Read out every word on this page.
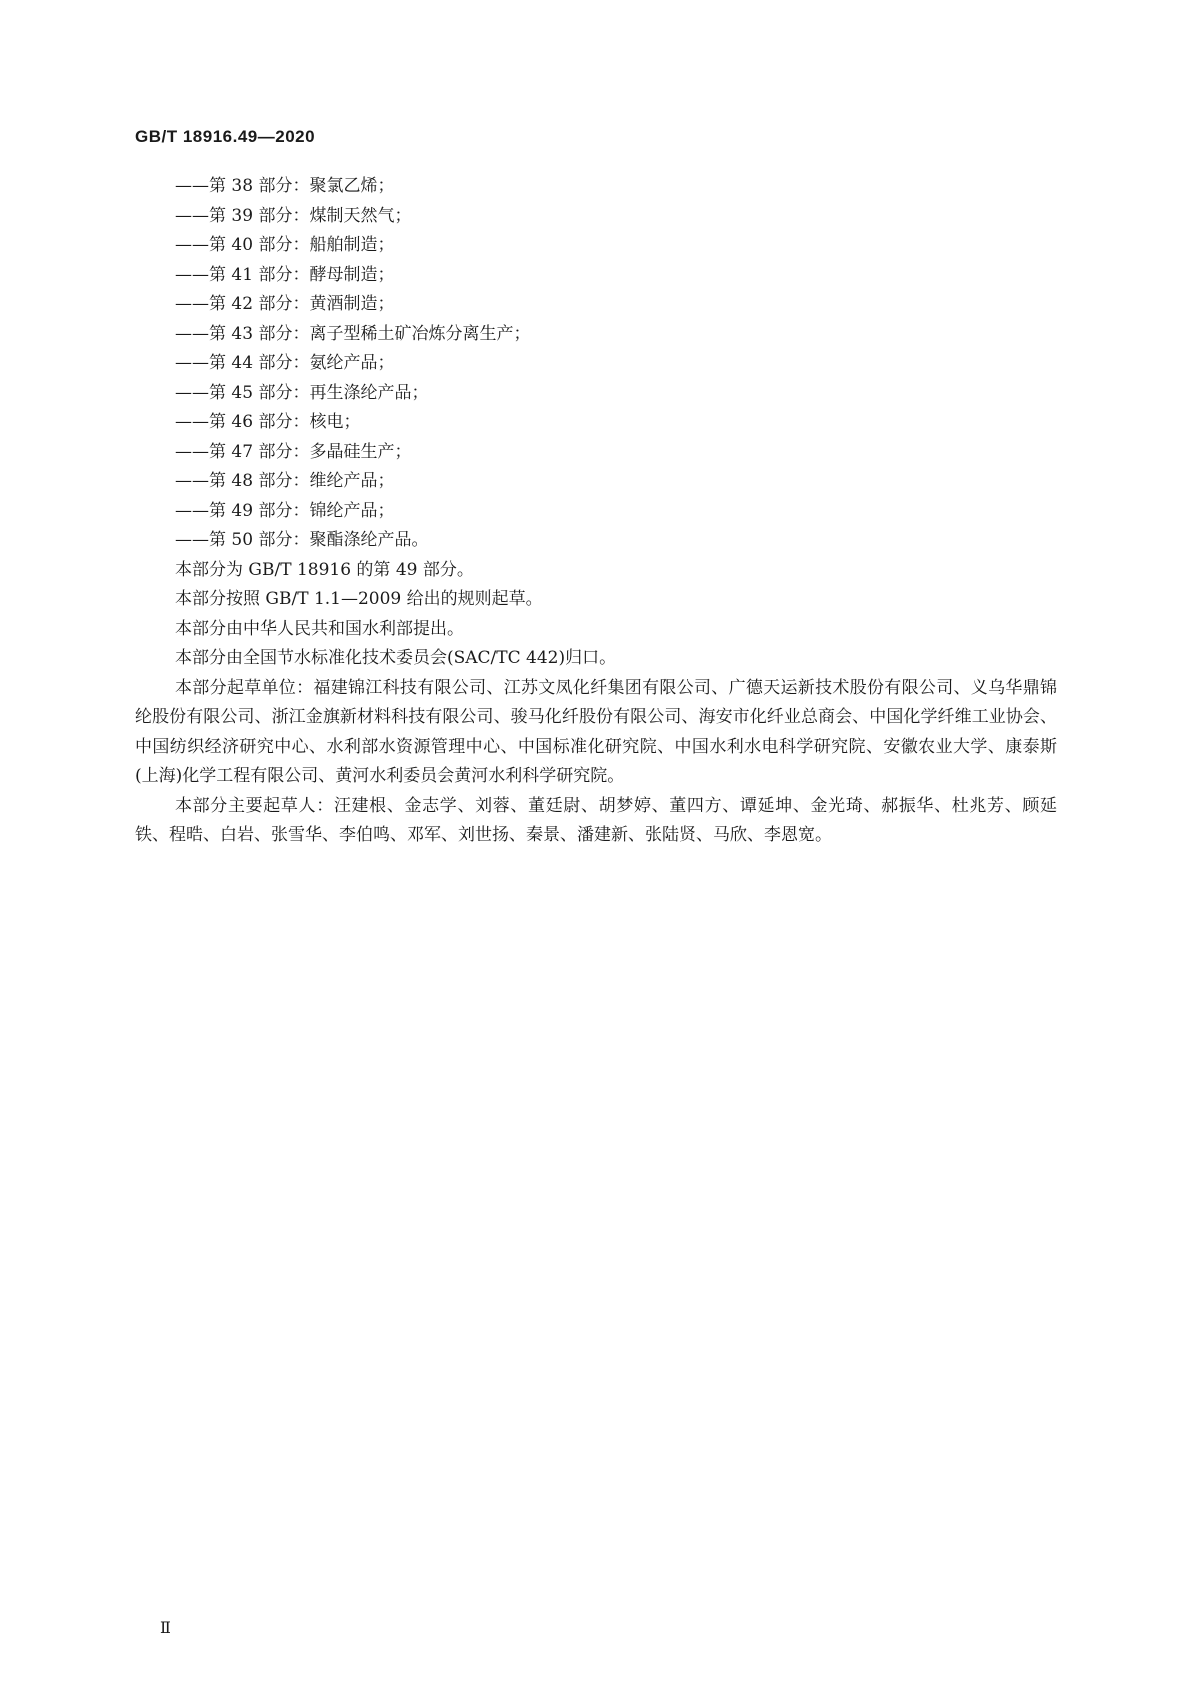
GB/T 18916.49—2020

——第 38 部分：聚氯乙烯；

——第 39 部分：煤制天然气；

——第 40 部分：船舶制造；

——第 41 部分：酵母制造；

——第 42 部分：黄酒制造；

——第 43 部分：离子型稀土矿冶炼分离生产；

——第 44 部分：氨纶产品；

——第 45 部分：再生涤纶产品；

——第 46 部分：核电；

——第 47 部分：多晶硅生产；

——第 48 部分：维纶产品；

——第 49 部分：锦纶产品；

——第 50 部分：聚酯涤纶产品。

本部分为 GB/T 18916 的第 49 部分。

本部分按照 GB/T 1.1—2009 给出的规则起草。

本部分由中华人民共和国水利部提出。

本部分由全国节水标准化技术委员会(SAC/TC 442)归口。

本部分起草单位：福建锦江科技有限公司、江苏文凤化纤集团有限公司、广德天运新技术股份有限公司、义乌华鼎锦纶股份有限公司、浙江金旗新材料科技有限公司、骏马化纤股份有限公司、海安市化纤业总商会、中国化学纤维工业协会、中国纺织经济研究中心、水利部水资源管理中心、中国标准化研究院、中国水利水电科学研究院、安徽农业大学、康泰斯(上海)化学工程有限公司、黄河水利委员会黄河水利科学研究院。

本部分主要起草人：汪建根、金志学、刘蓉、董廷尉、胡梦婷、董四方、谭延坤、金光琦、郝振华、杜兆芳、顾延铁、程晧、白岩、张雪华、李伯鸣、邓军、刘世扬、秦景、潘建新、张陆贤、马欣、李恩宽。

Ⅱ
